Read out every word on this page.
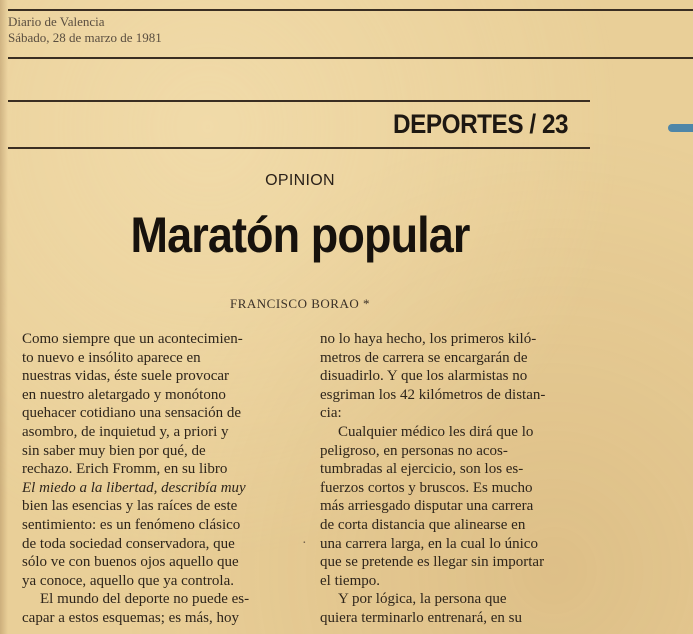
Diario de Valencia
Sábado, 28 de marzo de 1981
DEPORTES / 23
OPINION
Maratón popular
FRANCISCO BORAO *

Como siempre que un acontecimien-

to nuevo e insólito aparece en

nuestras vidas, éste suele provocar

en nuestro aletargado y monótono

quehacer cotidiano una sensación de

asombro, de inquietud y, a priori y

sin saber muy bien por qué, de

rechazo. Erich Fromm, en su libro

El miedo a la libertad, describía muy

bien las esencias y las raíces de este

sentimiento: es un fenómeno clásico

de toda sociedad conservadora, que

sólo ve con buenos ojos aquello que

ya conoce, aquello que ya controla.

El mundo del deporte no puede es-

capar a estos esquemas; es más, hoy

·

no lo haya hecho, los primeros kiló-

metros de carrera se encargarán de

disuadirlo. Y que los alarmistas no

esgriman los 42 kilómetros de distan-

cia:

Cualquier médico les dirá que lo

peligroso, en personas no acos-

tumbradas al ejercicio, son los es-

fuerzos cortos y bruscos. Es mucho

más arriesgado disputar una carrera

de corta distancia que alinearse en

una carrera larga, en la cual lo único

que se pretende es llegar sin importar

el tiempo.

Y por lógica, la persona que

quiera terminarlo entrenará, en su
